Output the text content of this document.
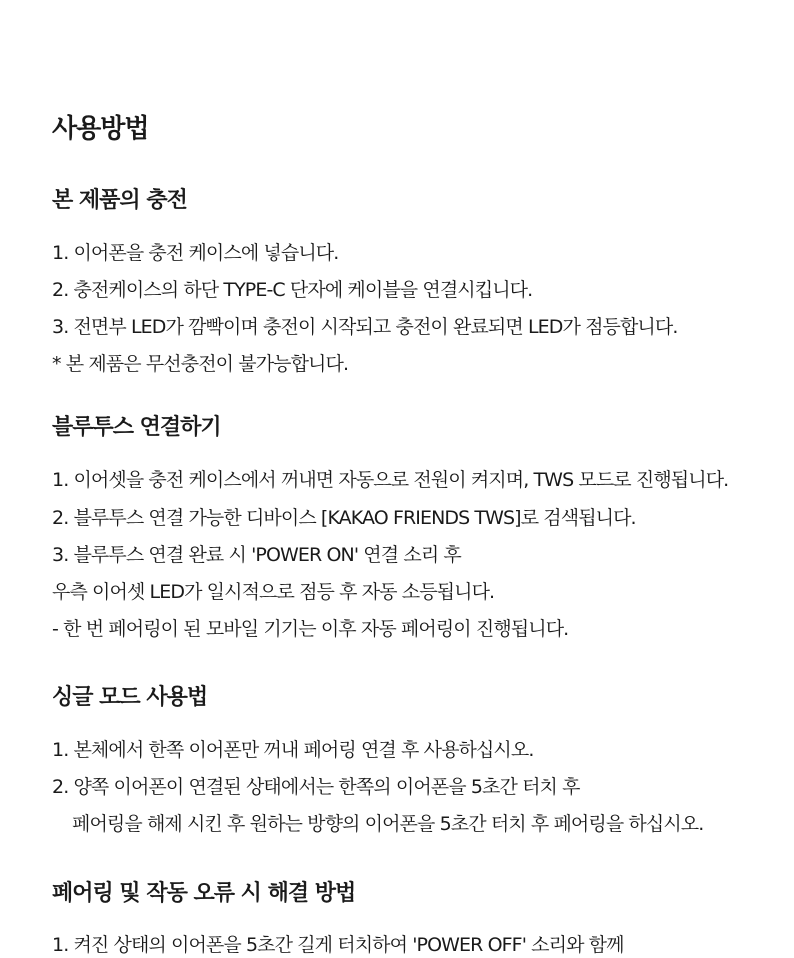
사용방법
본 제품의 충전

1. 이어폰을 충전 케이스에 넣습니다.

2. 충전케이스의 하단 TYPE-C 단자에 케이블을 연결시킵니다.

3. 전면부 LED가 깜빡이며 충전이 시작되고 충전이 완료되면 LED가 점등합니다.

* 본 제품은 무선충전이 불가능합니다.

블루투스 연결하기

1. 이어셋을 충전 케이스에서 꺼내면 자동으로 전원이 켜지며, TWS 모드로 진행됩니다.

2. 블루투스 연결 가능한 디바이스 [KAKAO FRIENDS TWS]로 검색됩니다.

3. 블루투스 연결 완료 시 'POWER ON' 연결 소리 후

우측 이어셋 LED가 일시적으로 점등 후 자동 소등됩니다.

- 한 번 페어링이 된 모바일 기기는 이후 자동 페어링이 진행됩니다.

싱글 모드 사용법

1. 본체에서 한쪽 이어폰만 꺼내 페어링 연결 후 사용하십시오.

2. 양쪽 이어폰이 연결된 상태에서는 한쪽의 이어폰을 5초간 터치 후

페어링을 해제 시킨 후 원하는 방향의 이어폰을 5초간 터치 후 페어링을 하십시오.

페어링 및 작동 오류 시 해결 방법

1. 켜진 상태의 이어폰을 5초간 길게 터치하여 'POWER OFF' 소리와 함께
